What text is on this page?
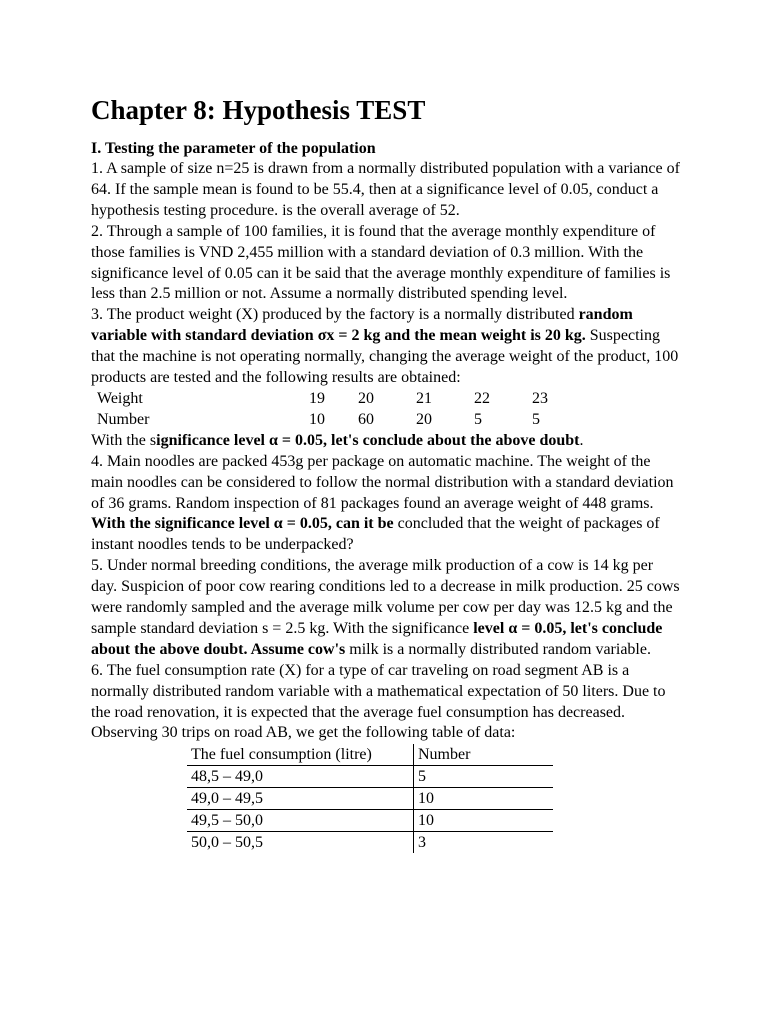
Chapter 8: Hypothesis TEST

I. Testing the parameter of the population

1. A sample of size n=25 is drawn from a normally distributed population with a variance of 64. If the sample mean is found to be 55.4, then at a significance level of 0.05, conduct a hypothesis testing procedure. is the overall average of 52.

2. Through a sample of 100 families, it is found that the average monthly expenditure of those families is VND 2,455 million with a standard deviation of 0.3 million. With the significance level of 0.05 can it be said that the average monthly expenditure of families is less than 2.5 million or not. Assume a normally distributed spending level.

3. The product weight (X) produced by the factory is a normally distributed random variable with standard deviation σx = 2 kg and the mean weight is 20 kg. Suspecting that the machine is not operating normally, changing the average weight of the product, 100 products are tested and the following results are obtained:

Weight	19	20	21	22	23
Number	10	60	20	5	5

With the significance level α = 0.05, let's conclude about the above doubt.

4. Main noodles are packed 453g per package on automatic machine. The weight of the main noodles can be considered to follow the normal distribution with a standard deviation of 36 grams. Random inspection of 81 packages found an average weight of 448 grams. With the significance level α = 0.05, can it be concluded that the weight of packages of instant noodles tends to be underpacked?

5. Under normal breeding conditions, the average milk production of a cow is 14 kg per day. Suspicion of poor cow rearing conditions led to a decrease in milk production. 25 cows were randomly sampled and the average milk volume per cow per day was 12.5 kg and the sample standard deviation s = 2.5 kg. With the significance level α = 0.05, let's conclude about the above doubt. Assume cow's milk is a normally distributed random variable.

6. The fuel consumption rate (X) for a type of car traveling on road segment AB is a normally distributed random variable with a mathematical expectation of 50 liters. Due to the road renovation, it is expected that the average fuel consumption has decreased. Observing 30 trips on road AB, we get the following table of data:

The fuel consumption (litre)	Number
48,5 – 49,0	5
49,0 – 49,5	10
49,5 – 50,0	10
50,0 – 50,5	3
